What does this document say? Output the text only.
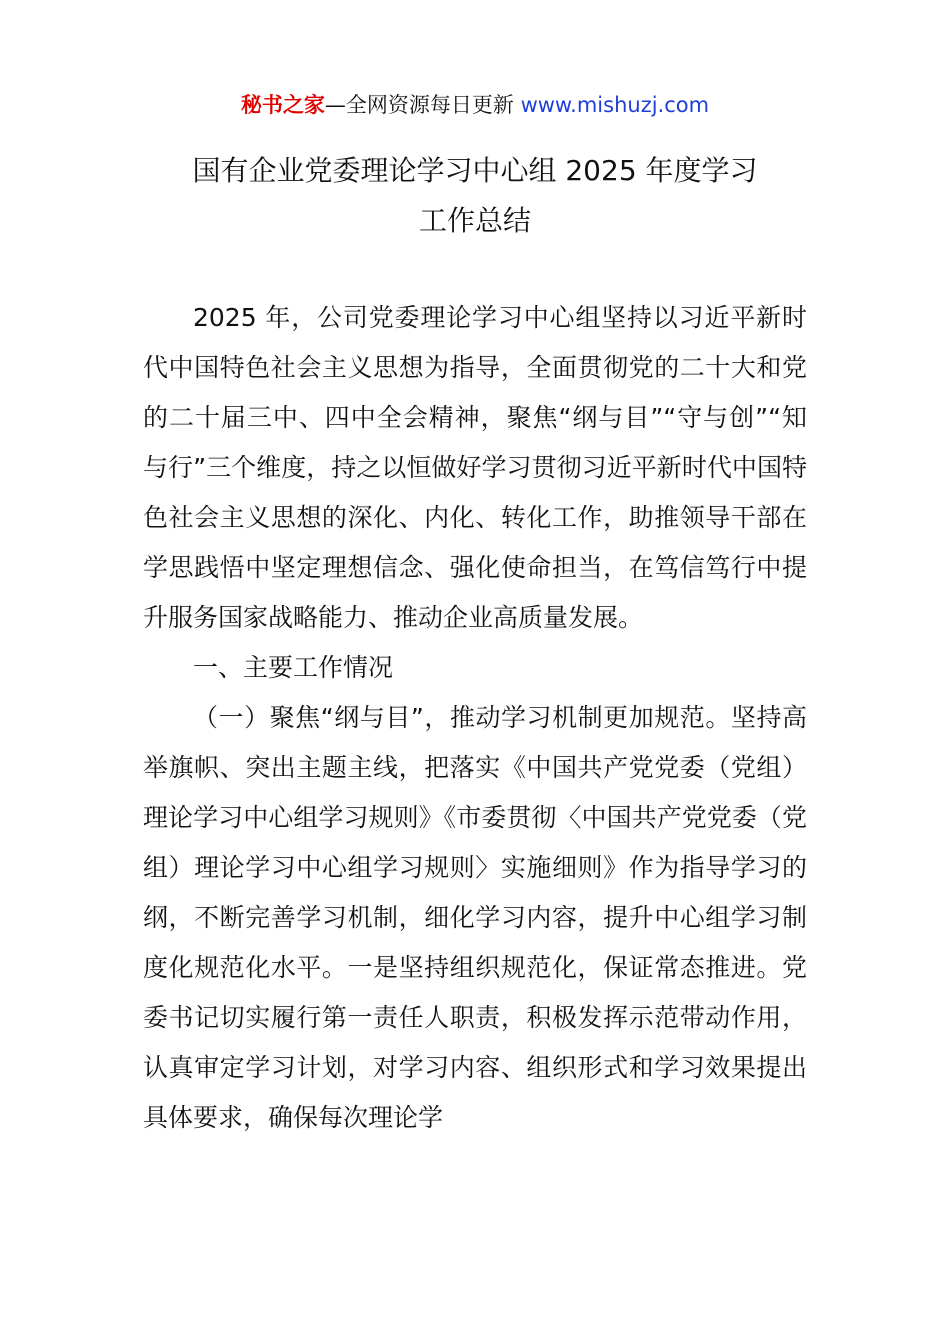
秘书之家—全网资源每日更新 www.mishuzj.com
国有企业党委理论学习中心组 2025 年度学习
工作总结

2025 年，公司党委理论学习中心组坚持以习近平新时代中国特色社会主义思想为指导，全面贯彻党的二十大和党的二十届三中、四中全会精神，聚焦“纲与目”“守与创”“知与行”三个维度，持之以恒做好学习贯彻习近平新时代中国特色社会主义思想的深化、内化、转化工作，助推领导干部在学思践悟中坚定理想信念、强化使命担当，在笃信笃行中提升服务国家战略能力、推动企业高质量发展。

一、主要工作情况

（一）聚焦“纲与目”，推动学习机制更加规范。坚持高举旗帜、突出主题主线，把落实《中国共产党党委（党组）理论学习中心组学习规则》《市委贯彻〈中国共产党党委（党组）理论学习中心组学习规则〉实施细则》作为指导学习的纲，不断完善学习机制，细化学习内容，提升中心组学习制度化规范化水平。一是坚持组织规范化，保证常态推进。党委书记切实履行第一责任人职责，积极发挥示范带动作用，认真审定学习计划，对学习内容、组织形式和学习效果提出具体要求，确保每次理论学
